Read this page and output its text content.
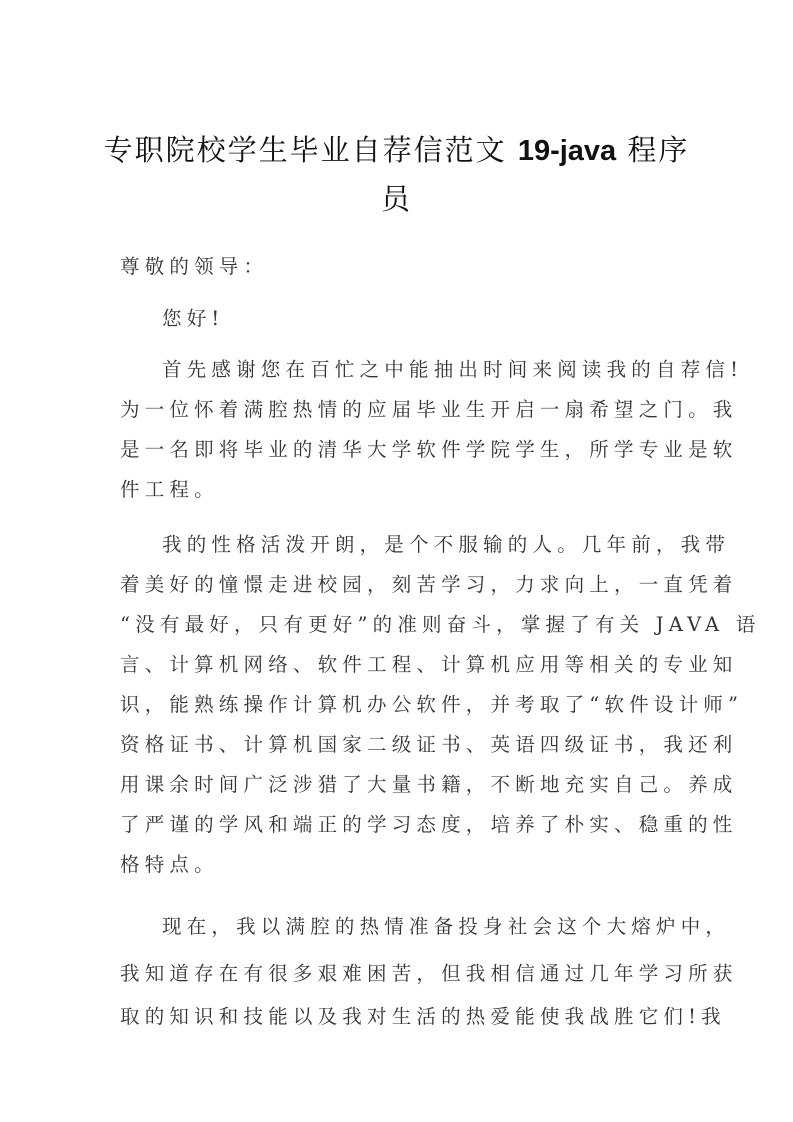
专职院校学生毕业自荐信范文 19-java 程序
员
尊敬的领导：
您好!
首先感谢您在百忙之中能抽出时间来阅读我的自荐信!
为一位怀着满腔热情的应届毕业生开启一扇希望之门。我
是一名即将毕业的清华大学软件学院学生，所学专业是软
件工程。
我的性格活泼开朗，是个不服输的人。几年前，我带
着美好的憧憬走进校园，刻苦学习，力求向上，一直凭着
“没有最好，只有更好”的准则奋斗，掌握了有关 JAVA 语
言、计算机网络、软件工程、计算机应用等相关的专业知
识，能熟练操作计算机办公软件，并考取了“软件设计师”
资格证书、计算机国家二级证书、英语四级证书，我还利
用课余时间广泛涉猎了大量书籍，不断地充实自己。养成
了严谨的学风和端正的学习态度，培养了朴实、稳重的性
格特点。
现在，我以满腔的热情准备投身社会这个大熔炉中，
我知道存在有很多艰难困苦，但我相信通过几年学习所获
取的知识和技能以及我对生活的热爱能使我战胜它们!我
